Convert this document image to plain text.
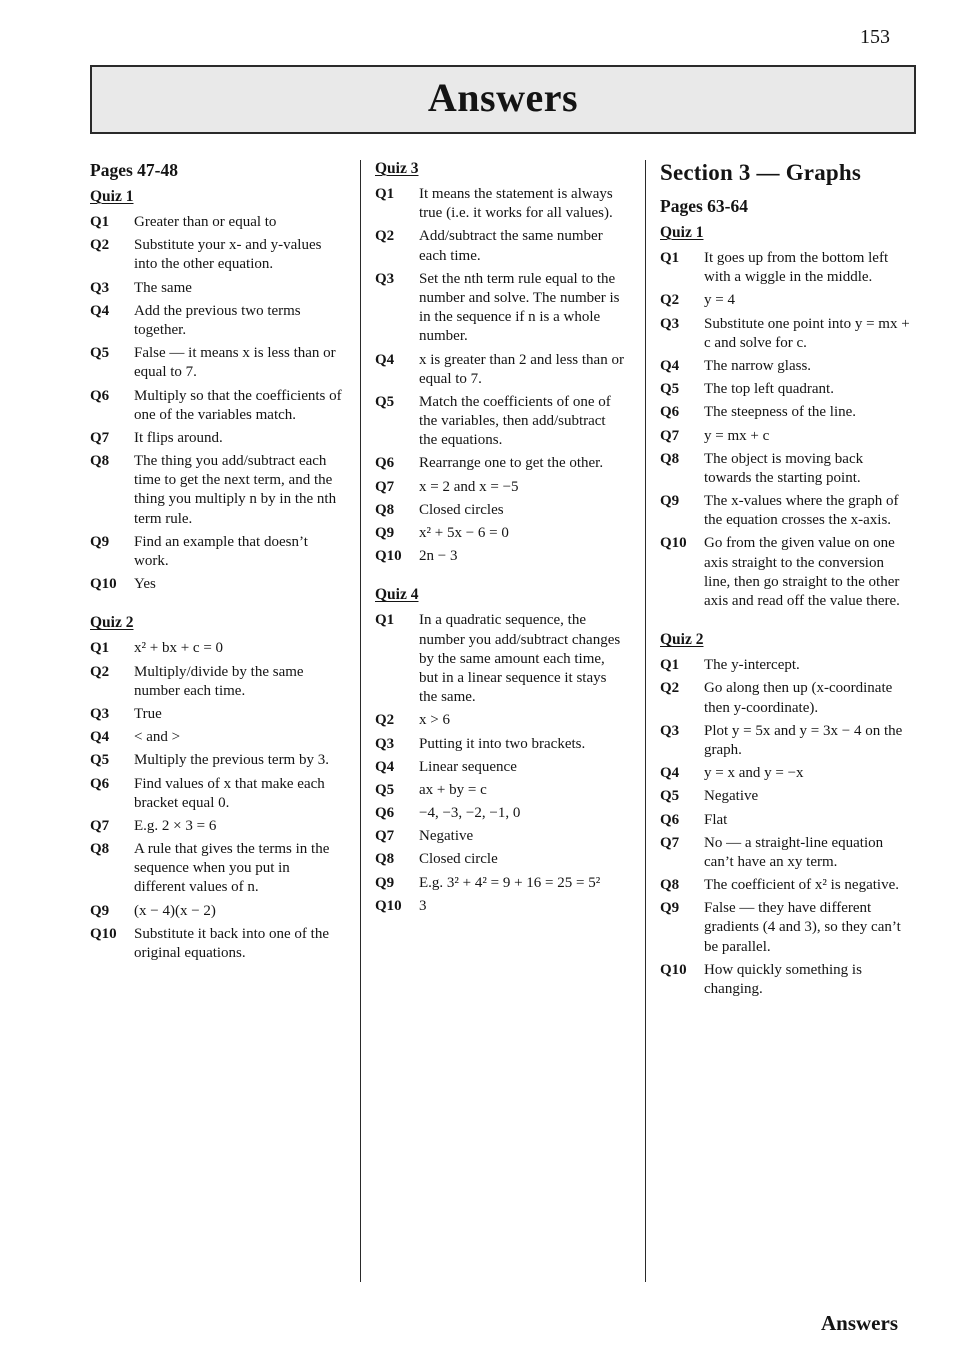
153
Answers
Pages 47-48
Quiz 1
Q1	Greater than or equal to
Q2	Substitute your x- and y-values into the other equation.
Q3	The same
Q4	Add the previous two terms together.
Q5	False — it means x is less than or equal to 7.
Q6	Multiply so that the coefficients of one of the variables match.
Q7	It flips around.
Q8	The thing you add/subtract each time to get the next term, and the thing you multiply n by in the nth term rule.
Q9	Find an example that doesn’t work.
Q10	Yes
Quiz 2
Q1	x² + bx + c = 0
Q2	Multiply/divide by the same number each time.
Q3	True
Q4	< and >
Q5	Multiply the previous term by 3.
Q6	Find values of x that make each bracket equal 0.
Q7	E.g. 2 × 3 = 6
Q8	A rule that gives the terms in the sequence when you put in different values of n.
Q9	(x − 4)(x − 2)
Q10	Substitute it back into one of the original equations.
Quiz 3
Q1	It means the statement is always true (i.e. it works for all values).
Q2	Add/subtract the same number each time.
Q3	Set the nth term rule equal to the number and solve. The number is in the sequence if n is a whole number.
Q4	x is greater than 2 and less than or equal to 7.
Q5	Match the coefficients of one of the variables, then add/subtract the equations.
Q6	Rearrange one to get the other.
Q7	x = 2 and x = −5
Q8	Closed circles
Q9	x² + 5x − 6 = 0
Q10	2n − 3
Quiz 4
Q1	In a quadratic sequence, the number you add/subtract changes by the same amount each time, but in a linear sequence it stays the same.
Q2	x > 6
Q3	Putting it into two brackets.
Q4	Linear sequence
Q5	ax + by = c
Q6	−4, −3, −2, −1, 0
Q7	Negative
Q8	Closed circle
Q9	E.g. 3² + 4² = 9 + 16 = 25 = 5²
Q10	3
Section 3 — Graphs
Pages 63-64
Quiz 1
Q1	It goes up from the bottom left with a wiggle in the middle.
Q2	y = 4
Q3	Substitute one point into y = mx + c and solve for c.
Q4	The narrow glass.
Q5	The top left quadrant.
Q6	The steepness of the line.
Q7	y = mx + c
Q8	The object is moving back towards the starting point.
Q9	The x-values where the graph of the equation crosses the x-axis.
Q10	Go from the given value on one axis straight to the conversion line, then go straight to the other axis and read off the value there.
Quiz 2
Q1	The y-intercept.
Q2	Go along then up (x-coordinate then y-coordinate).
Q3	Plot y = 5x and y = 3x − 4 on the graph.
Q4	y = x and y = −x
Q5	Negative
Q6	Flat
Q7	No — a straight-line equation can’t have an xy term.
Q8	The coefficient of x² is negative.
Q9	False — they have different gradients (4 and 3), so they can’t be parallel.
Q10	How quickly something is changing.
Answers
